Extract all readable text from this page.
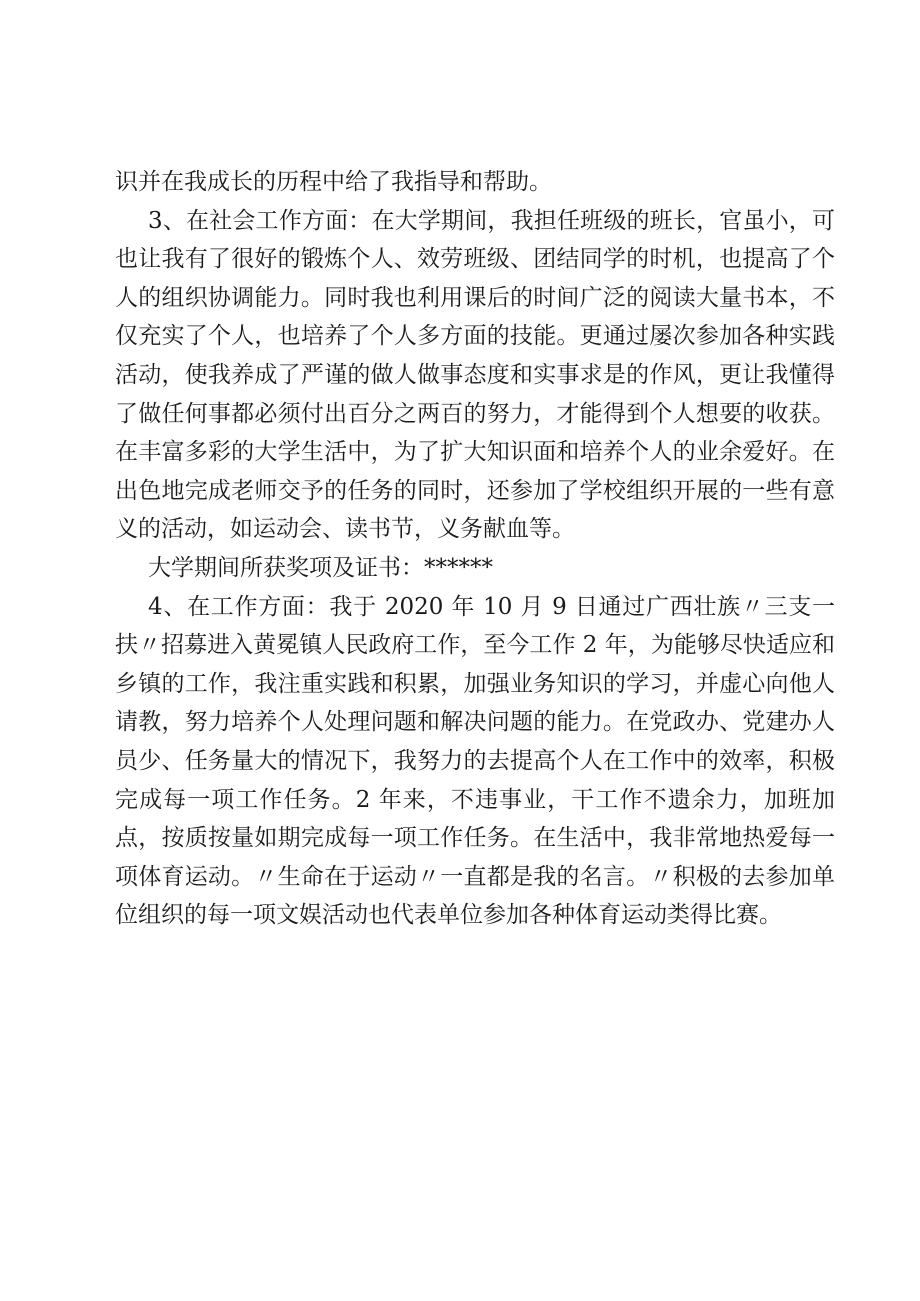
识并在我成长的历程中给了我指导和帮助。

3、在社会工作方面：在大学期间，我担任班级的班长，官虽小，可也让我有了很好的锻炼个人、效劳班级、团结同学的时机，也提高了个人的组织协调能力。同时我也利用课后的时间广泛的阅读大量书本，不仅充实了个人，也培养了个人多方面的技能。更通过屡次参加各种实践活动，使我养成了严谨的做人做事态度和实事求是的作风，更让我懂得了做任何事都必须付出百分之两百的努力，才能得到个人想要的收获。在丰富多彩的大学生活中，为了扩大知识面和培养个人的业余爱好。在出色地完成老师交予的任务的同时，还参加了学校组织开展的一些有意义的活动，如运动会、读书节，义务献血等。

大学期间所获奖项及证书：******

4、在工作方面：我于 2020 年 10 月 9 日通过广西壮族〃三支一扶〃招募进入黄冕镇人民政府工作，至今工作 2 年，为能够尽快适应和乡镇的工作，我注重实践和积累，加强业务知识的学习，并虚心向他人请教，努力培养个人处理问题和解决问题的能力。在党政办、党建办人员少、任务量大的情况下，我努力的去提高个人在工作中的效率，积极完成每一项工作任务。2 年来，不违事业，干工作不遗余力，加班加点，按质按量如期完成每一项工作任务。在生活中，我非常地热爱每一项体育运动。〃生命在于运动〃一直都是我的名言。〃积极的去参加单位组织的每一项文娱活动也代表单位参加各种体育运动类得比赛。
